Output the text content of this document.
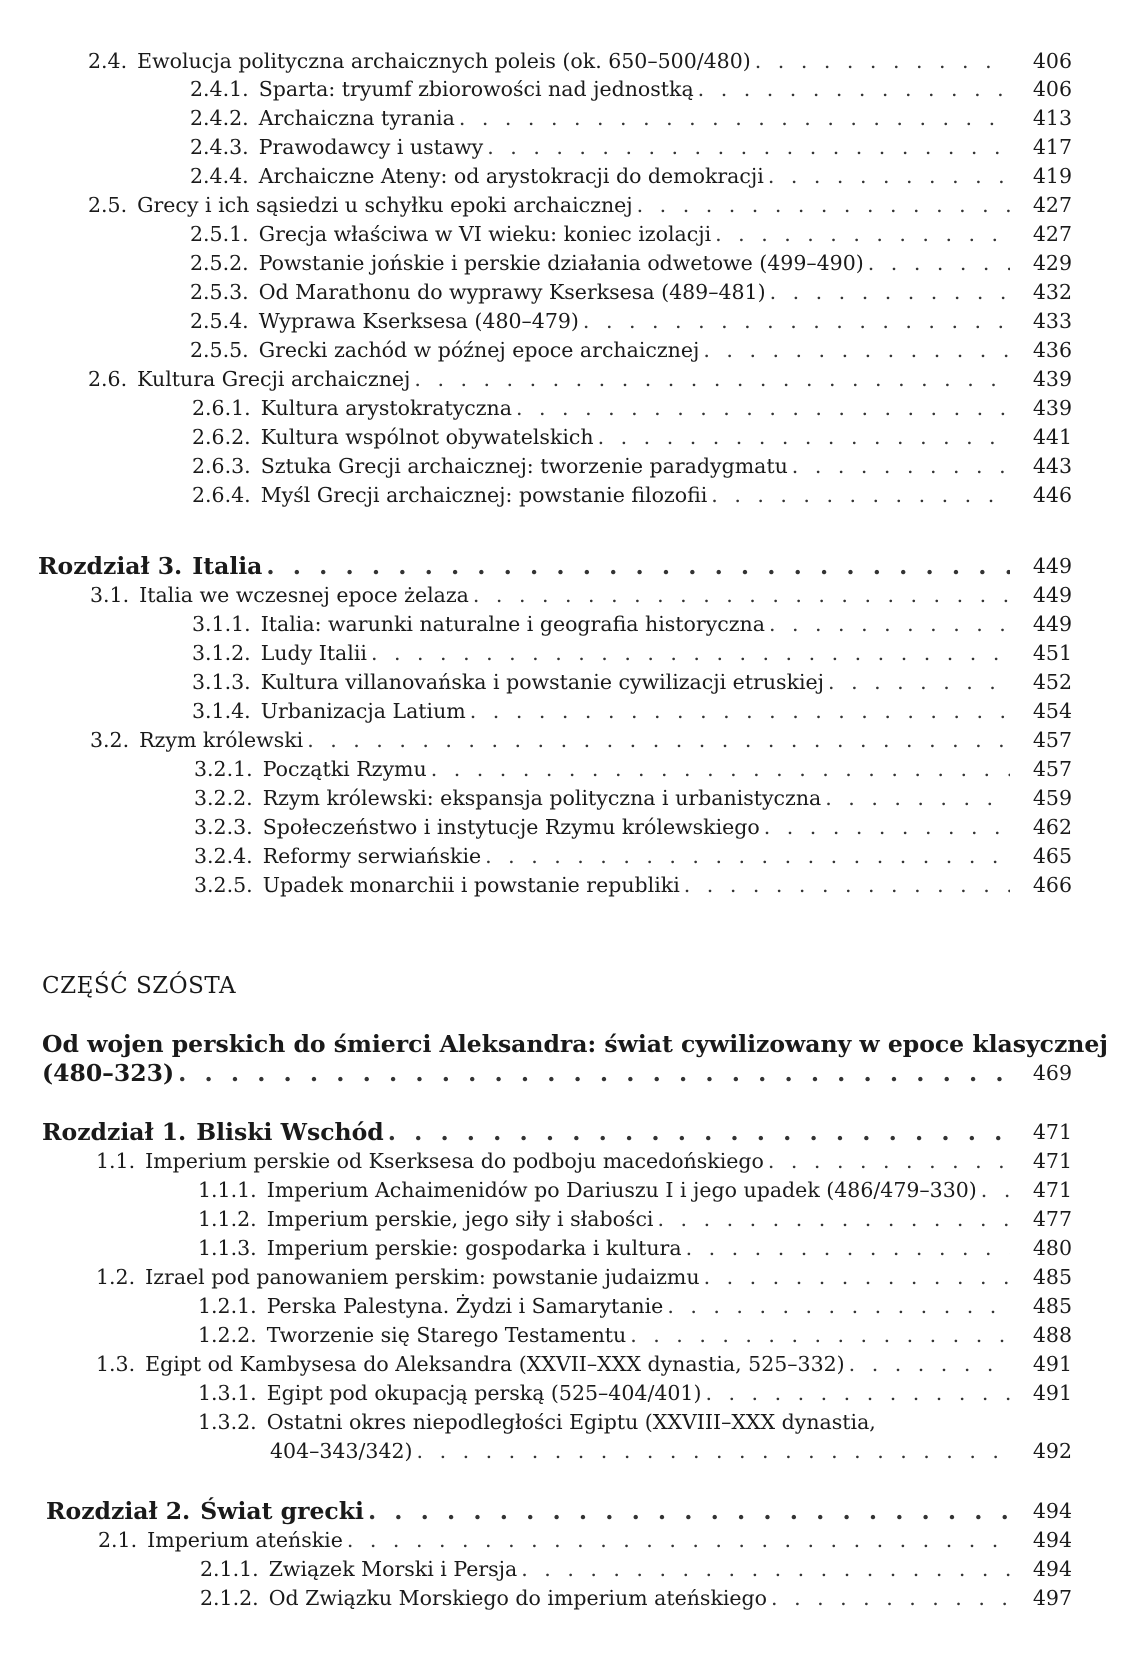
2.4. Ewolucja polityczna archaicznych poleis (ok. 650–500/480) . . .	406
2.4.1. Sparta: tryumf zbiorowości nad jednostką . . .	406
2.4.2. Archaiczna tyrania . . .	413
2.4.3. Prawodawcy i ustawy . . .	417
2.4.4. Archaiczne Ateny: od arystokracji do demokracji . . .	419
2.5. Grecy i ich sąsiedzi u schyłku epoki archaicznej . . .	427
2.5.1. Grecja właściwa w VI wieku: koniec izolacji . . .	427
2.5.2. Powstanie jońskie i perskie działania odwetowe (499–490) . . .	429
2.5.3. Od Marathonu do wyprawy Kserksesa (489–481) . . .	432
2.5.4. Wyprawa Kserksesa (480–479) . . .	433
2.5.5. Grecki zachód w późnej epoce archaicznej . . .	436
2.6. Kultura Grecji archaicznej . . .	439
2.6.1. Kultura arystokratyczna . . .	439
2.6.2. Kultura wspólnot obywatelskich . . .	441
2.6.3. Sztuka Grecji archaicznej: tworzenie paradygmatu . . .	443
2.6.4. Myśl Grecji archaicznej: powstanie filozofii . . .	446
Rozdział 3. Italia . . .	449
3.1. Italia we wczesnej epoce żelaza . . .	449
3.1.1. Italia: warunki naturalne i geografia historyczna . . .	449
3.1.2. Ludy Italii . . .	451
3.1.3. Kultura villanovańska i powstanie cywilizacji etruskiej . . .	452
3.1.4. Urbanizacja Latium . . .	454
3.2. Rzym królewski . . .	457
3.2.1. Początki Rzymu . . .	457
3.2.2. Rzym królewski: ekspansja polityczna i urbanistyczna . . .	459
3.2.3. Społeczeństwo i instytucje Rzymu królewskiego . . .	462
3.2.4. Reformy serwiańskie . . .	465
3.2.5. Upadek monarchii i powstanie republiki . . .	466
CZĘŚĆ SZÓSTA
Od wojen perskich do śmierci Aleksandra: świat cywilizowany w epoce klasycznej
(480–323) . . .	469
Rozdział 1. Bliski Wschód . . .	471
1.1. Imperium perskie od Kserksesa do podboju macedońskiego . . .	471
1.1.1. Imperium Achaimenidów po Dariuszu I i jego upadek (486/479–330) . . .	471
1.1.2. Imperium perskie, jego siły i słabości . . .	477
1.1.3. Imperium perskie: gospodarka i kultura . . .	480
1.2. Izrael pod panowaniem perskim: powstanie judaizmu . . .	485
1.2.1. Perska Palestyna. Żydzi i Samarytanie . . .	485
1.2.2. Tworzenie się Starego Testamentu . . .	488
1.3. Egipt od Kambysesa do Aleksandra (XXVII–XXX dynastia, 525–332) . . .	491
1.3.1. Egipt pod okupacją perską (525–404/401) . . .	491
1.3.2. Ostatni okres niepodległości Egiptu (XXVIII–XXX dynastia,
404–343/342) . . .	492
Rozdział 2. Świat grecki . . .	494
2.1. Imperium ateńskie . . .	494
2.1.1. Związek Morski i Persja . . .	494
2.1.2. Od Związku Morskiego do imperium ateńskiego . . .	497
